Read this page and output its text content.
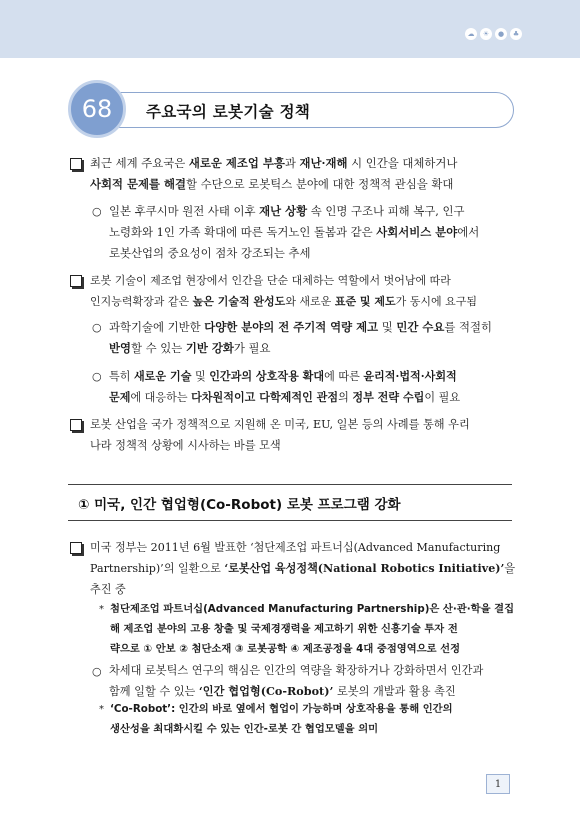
☁	☀	●	♣
68 주요국의 로봇기술 정책
최근 세계 주요국은 새로운 제조업 부흥과 재난·재해 시 인간을 대체하거나
사회적 문제를 해결할 수단으로 로봇틱스 분야에 대한 정책적 관심을 확대
○ 일본 후쿠시마 원전 사태 이후 재난 상황 속 인명 구조나 피해 복구, 인구
노령화와 1인 가족 확대에 따른 독거노인 돌봄과 같은 사회서비스 분야에서
로봇산업의 중요성이 점차 강조되는 추세
로봇 기술이 제조업 현장에서 인간을 단순 대체하는 역할에서 벗어남에 따라
인지능력확장과 같은 높은 기술적 완성도와 새로운 표준 및 제도가 동시에 요구됨
○ 과학기술에 기반한 다양한 분야의 전 주기적 역량 제고 및 민간 수요를 적절히
반영할 수 있는 기반 강화가 필요
○ 특히 새로운 기술 및 인간과의 상호작용 확대에 따른 윤리적·법적·사회적
문제에 대응하는 다차원적이고 다학제적인 관점의 정부 전략 수립이 필요
로봇 산업을 국가 정책적으로 지원해 온 미국, EU, 일본 등의 사례를 통해 우리
나라 정책적 상황에 시사하는 바를 모색
① 미국, 인간 협업형(Co-Robot) 로봇 프로그램 강화
미국 정부는 2011년 6월 발표한 ‘첨단제조업 파트너십(Advanced Manufacturing
Partnership)’의 일환으로 ‘로봇산업 육성정책(National Robotics Initiative)’을
추진 중
* 첨단제조업 파트너십(Advanced Manufacturing Partnership)은 산·관·학을 결집
해 제조업 분야의 고용 창출 및 국제경쟁력을 제고하기 위한 신흥기술 투자 전
략으로 ① 안보 ② 첨단소재 ③ 로봇공학 ④ 제조공정을 4대 중점영역으로 선정
○ 차세대 로봇틱스 연구의 핵심은 인간의 역량을 확장하거나 강화하면서 인간과
함께 일할 수 있는 ‘인간 협업형(Co-Robot)’ 로봇의 개발과 활용 촉진
* ‘Co-Robot’: 인간의 바로 옆에서 협업이 가능하며 상호작용을 통해 인간의
생산성을 최대화시킬 수 있는 인간-로봇 간 협업모델을 의미
1
